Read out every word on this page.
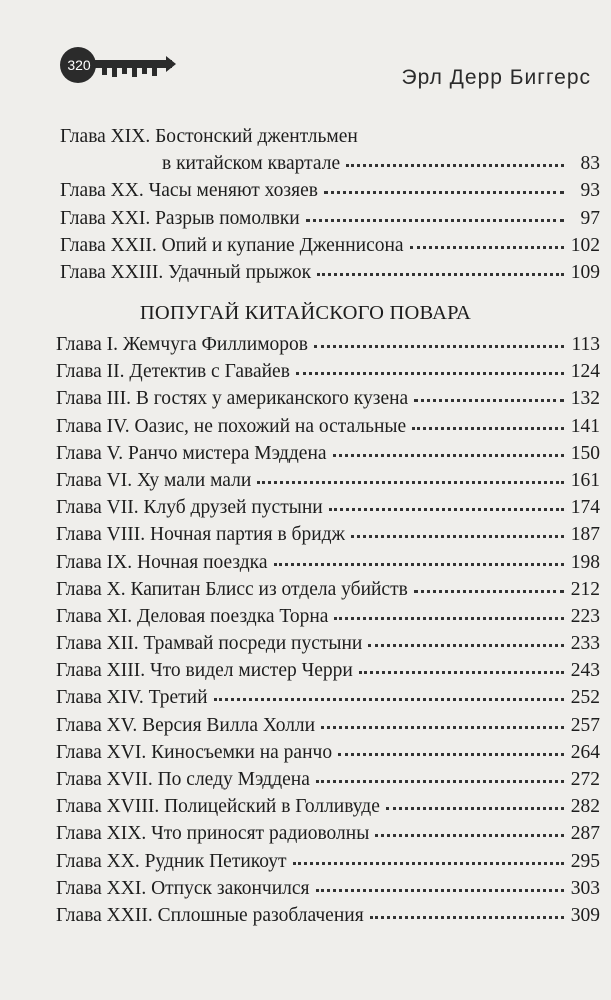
320
Эрл Дерр Биггерс
Глава XIX. Бостонский джентльмен
в китайском квартале	83
Глава XX. Часы меняют хозяев	93
Глава XXI. Разрыв помолвки	97
Глава XXII. Опий и купание Дженнисона	102
Глава XXIII. Удачный прыжок	109
ПОПУГАЙ КИТАЙСКОГО ПОВАРА
Глава I. Жемчуга Филлиморов	113
Глава II. Детектив с Гавайев	124
Глава III. В гостях у американского кузена	132
Глава IV. Оазис, не похожий на остальные	141
Глава V. Ранчо мистера Мэддена	150
Глава VI. Ху мали мали	161
Глава VII. Клуб друзей пустыни	174
Глава VIII. Ночная партия в бридж	187
Глава IX. Ночная поездка	198
Глава X. Капитан Блисс из отдела убийств	212
Глава XI. Деловая поездка Торна	223
Глава XII. Трамвай посреди пустыни	233
Глава XIII. Что видел мистер Черри	243
Глава XIV. Третий	252
Глава XV. Версия Вилла Холли	257
Глава XVI. Киносъемки на ранчо	264
Глава XVII. По следу Мэддена	272
Глава XVIII. Полицейский в Голливуде	282
Глава XIX. Что приносят радиоволны	287
Глава XX. Рудник Петикоут	295
Глава XXI. Отпуск закончился	303
Глава XXII. Сплошные разоблачения	309
